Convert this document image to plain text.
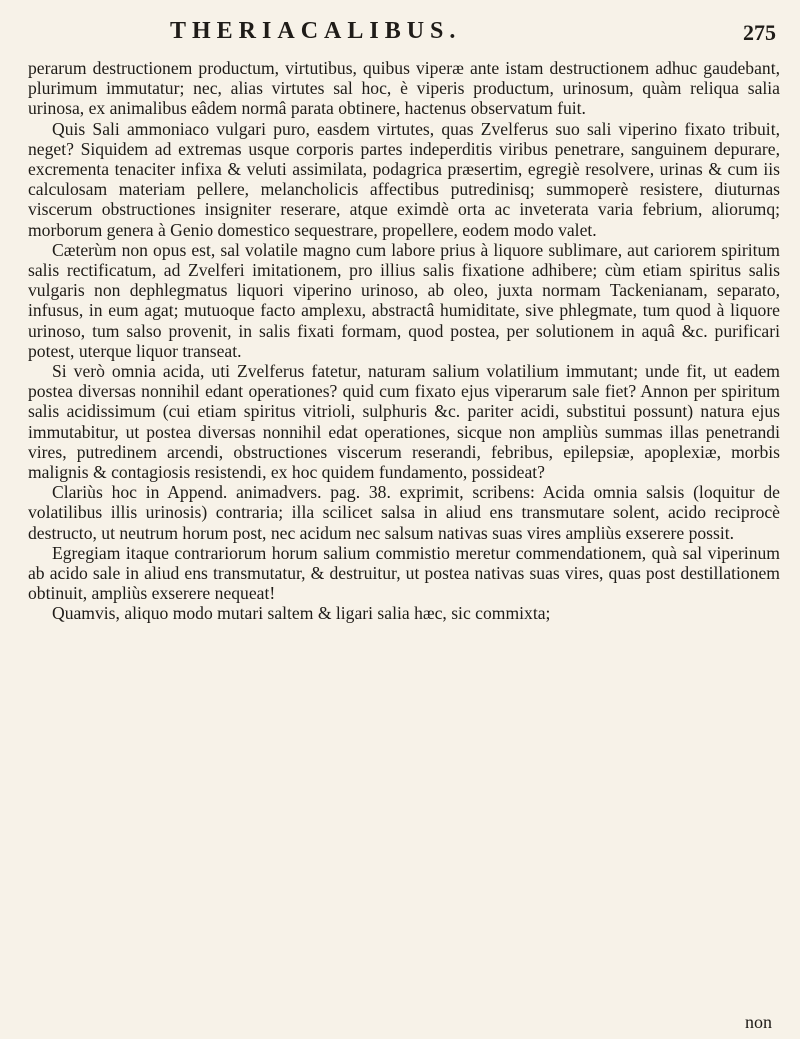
THERIACALIBUS.	275

perarum destructionem productum, virtutibus, quibus viperæ ante istam destructionem adhuc gaudebant, plurimum immutatur; nec, alias virtutes sal hoc, è viperis productum, urinosum, quàm reliqua salia urinosa, ex animalibus eâdem normâ parata obtinere, hactenus observatum fuit.

Quis Sali ammoniaco vulgari puro, easdem virtutes, quas Zvelferus suo sali viperino fixato tribuit, neget? Siquidem ad extremas usque corporis partes indeperditis viribus penetrare, sanguinem depurare, excrementa tenaciter infixa & veluti assimilata, podagrica præsertim, egregiè resolvere, urinas & cum iis calculosam materiam pellere, melancholicis affectibus putredinisq; summoperè resistere, diuturnas viscerum obstructiones insigniter reserare, atque eximdè orta ac inveterata varia febrium, aliorumq; morborum genera à Genio domestico sequestrare, propellere, eodem modo valet.

Cæterùm non opus est, sal volatile magno cum labore prius à liquore sublimare, aut cariorem spiritum salis rectificatum, ad Zvelferi imitationem, pro illius salis fixatione adhibere; cùm etiam spiritus salis vulgaris non dephlegmatus liquori viperino urinoso, ab oleo, juxta normam Tackenianam, separato, infusus, in eum agat; mutuoque facto amplexu, abstractâ humiditate, sive phlegmate, tum quod à liquore urinoso, tum salso provenit, in salis fixati formam, quod postea, per solutionem in aquâ &c. purificari potest, uterque liquor transeat.

Si verò omnia acida, uti Zvelferus fatetur, naturam salium volatilium immutant; unde fit, ut eadem postea diversas nonnihil edant operationes? quid cum fixato ejus viperarum sale fiet? Annon per spiritum salis acidissimum (cui etiam spiritus vitrioli, sulphuris &c. pariter acidi, substitui possunt) natura ejus immutabitur, ut postea diversas nonnihil edat operationes, sicque non ampliùs summas illas penetrandi vires, putredinem arcendi, obstructiones viscerum reserandi, febribus, epilepsiæ, apoplexiæ, morbis malignis & contagiosis resistendi, ex hoc quidem fundamento, possideat?

Clariùs hoc in Append. animadvers. pag. 38. exprimit, scribens: Acida omnia salsis (loquitur de volatilibus illis urinosis) contraria; illa scilicet salsa in aliud ens transmutare solent, acido reciprocè destructo, ut neutrum horum post, nec acidum nec salsum nativas suas vires ampliùs exserere possit.

Egregiam itaque contrariorum horum salium commistio meretur commendationem, quà sal viperinum ab acido sale in aliud ens transmutatur, & destruitur, ut postea nativas suas vires, quas post destillationem obtinuit, ampliùs exserere nequeat!

Quamvis, aliquo modo mutari saltem & ligari salia hæc, sic commixta;

non
